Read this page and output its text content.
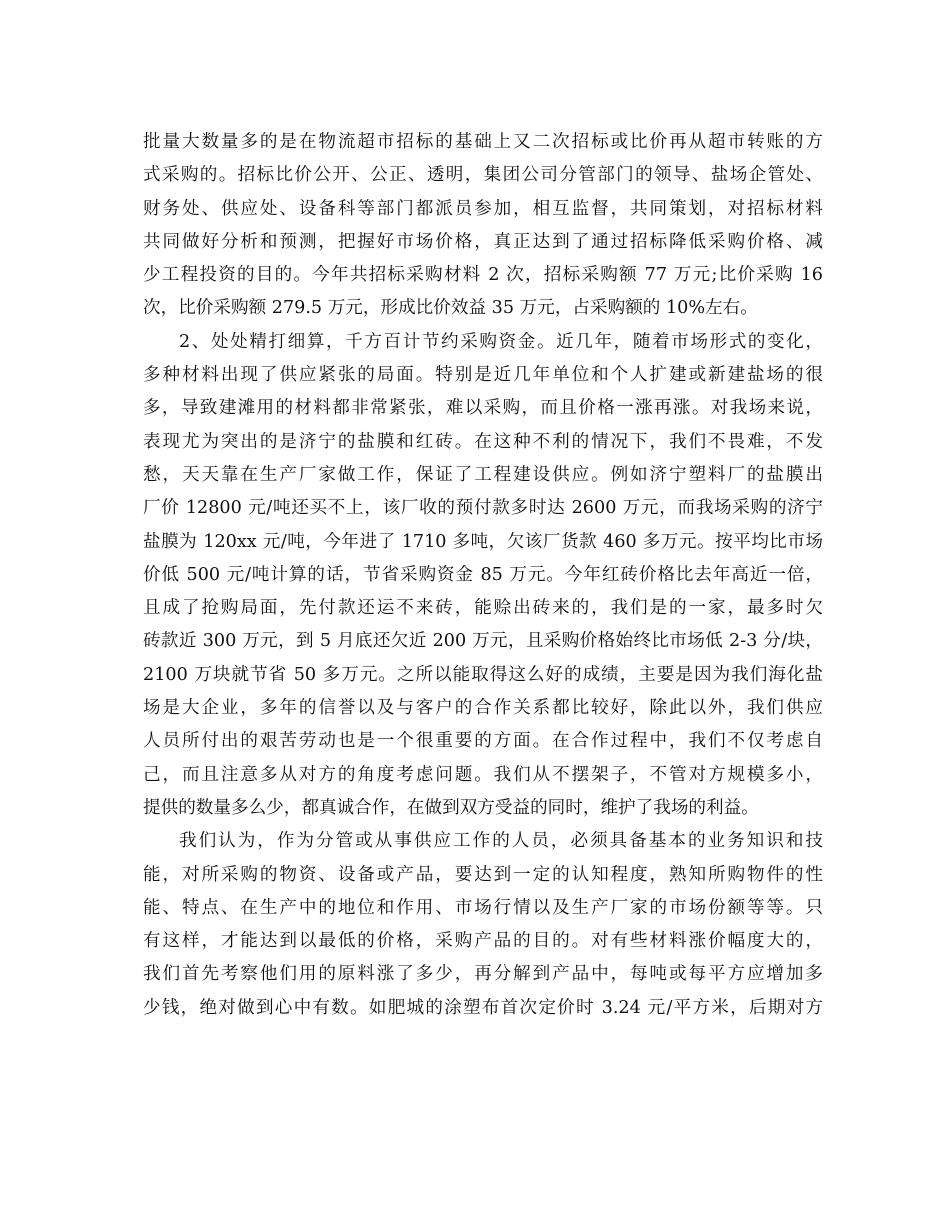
批量大数量多的是在物流超市招标的基础上又二次招标或比价再从超市转账的方
式采购的。招标比价公开、公正、透明，集团公司分管部门的领导、盐场企管处、
财务处、供应处、设备科等部门都派员参加，相互监督，共同策划，对招标材料
共同做好分析和预测，把握好市场价格，真正达到了通过招标降低采购价格、减
少工程投资的目的。今年共招标采购材料 2 次，招标采购额 77 万元;比价采购 16
次，比价采购额 279.5 万元，形成比价效益 35 万元，占采购额的 10%左右。
2、处处精打细算，千方百计节约采购资金。近几年，随着市场形式的变化，
多种材料出现了供应紧张的局面。特别是近几年单位和个人扩建或新建盐场的很
多，导致建滩用的材料都非常紧张，难以采购，而且价格一涨再涨。对我场来说，
表现尤为突出的是济宁的盐膜和红砖。在这种不利的情况下，我们不畏难，不发
愁，天天靠在生产厂家做工作，保证了工程建设供应。例如济宁塑料厂的盐膜出
厂价 12800 元/吨还买不上，该厂收的预付款多时达 2600 万元，而我场采购的济宁
盐膜为 120xx 元/吨，今年进了 1710 多吨，欠该厂货款 460 多万元。按平均比市场
价低 500 元/吨计算的话，节省采购资金 85 万元。今年红砖价格比去年高近一倍，
且成了抢购局面，先付款还运不来砖，能赊出砖来的，我们是的一家，最多时欠
砖款近 300 万元，到 5 月底还欠近 200 万元，且采购价格始终比市场低 2-3 分/块，
2100 万块就节省 50 多万元。之所以能取得这么好的成绩，主要是因为我们海化盐
场是大企业，多年的信誉以及与客户的合作关系都比较好，除此以外，我们供应
人员所付出的艰苦劳动也是一个很重要的方面。在合作过程中，我们不仅考虑自
己，而且注意多从对方的角度考虑问题。我们从不摆架子，不管对方规模多小，
提供的数量多么少，都真诚合作，在做到双方受益的同时，维护了我场的利益。
我们认为，作为分管或从事供应工作的人员，必须具备基本的业务知识和技
能，对所采购的物资、设备或产品，要达到一定的认知程度，熟知所购物件的性
能、特点、在生产中的地位和作用、市场行情以及生产厂家的市场份额等等。只
有这样，才能达到以最低的价格，采购产品的目的。对有些材料涨价幅度大的，
我们首先考察他们用的原料涨了多少，再分解到产品中，每吨或每平方应增加多
少钱，绝对做到心中有数。如肥城的涂塑布首次定价时 3.24 元/平方米，后期对方
